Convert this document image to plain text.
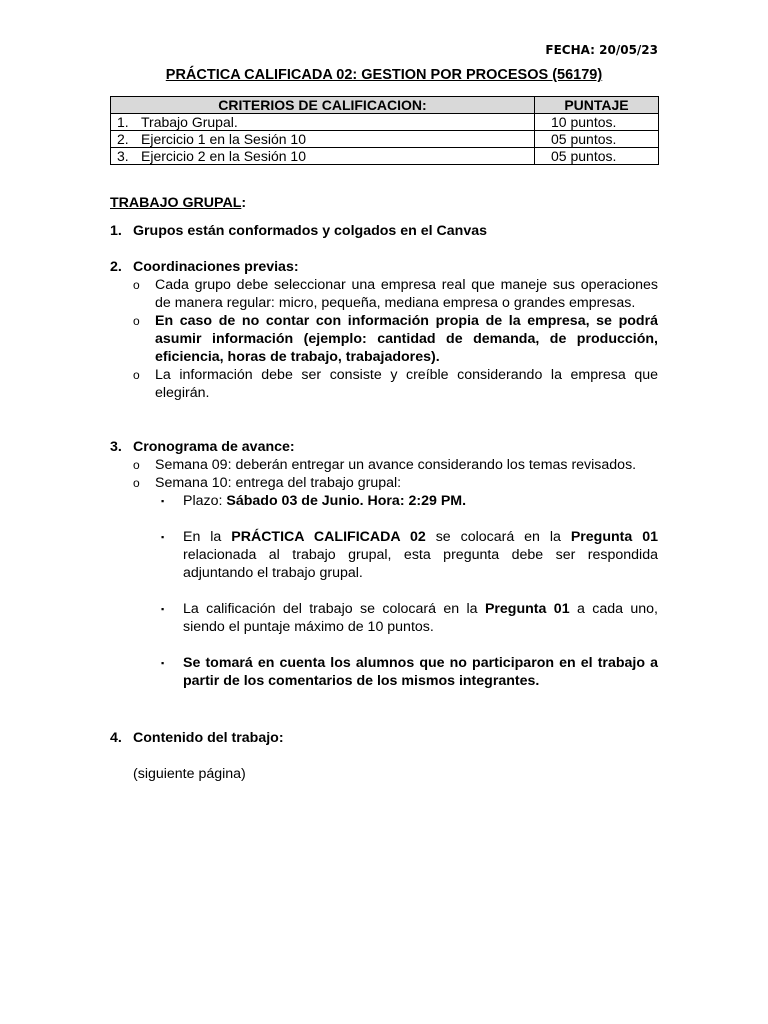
FECHA: 20/05/23
PRÁCTICA CALIFICADA 02: GESTION POR PROCESOS (56179)
CRITERIOS DE CALIFICACION:		PUNTAJE
1.	Trabajo Grupal.	10 puntos.
2.	Ejercicio 1 en la Sesión 10	05 puntos.
3.	Ejercicio 2 en la Sesión 10	05 puntos.
TRABAJO GRUPAL:
1. Grupos están conformados y colgados en el Canvas
2. Coordinaciones previas:
o	Cada grupo debe seleccionar una empresa real que maneje sus operaciones de manera regular: micro, pequeña, mediana empresa o grandes empresas.
o	En caso de no contar con información propia de la empresa, se podrá asumir información (ejemplo: cantidad de demanda, de producción, eficiencia, horas de trabajo, trabajadores).
o	La información debe ser consiste y creíble considerando la empresa que elegirán.
3. Cronograma de avance:
o	Semana 09: deberán entregar un avance considerando los temas revisados.
o	Semana 10: entrega del trabajo grupal:
▪	Plazo: Sábado 03 de Junio. Hora: 2:29 PM.
▪	En la PRÁCTICA CALIFICADA 02 se colocará en la Pregunta 01 relacionada al trabajo grupal, esta pregunta debe ser respondida adjuntando el trabajo grupal.
▪	La calificación del trabajo se colocará en la Pregunta 01 a cada uno, siendo el puntaje máximo de 10 puntos.
▪	Se tomará en cuenta los alumnos que no participaron en el trabajo a partir de los comentarios de los mismos integrantes.
4. Contenido del trabajo:
(siguiente página)
